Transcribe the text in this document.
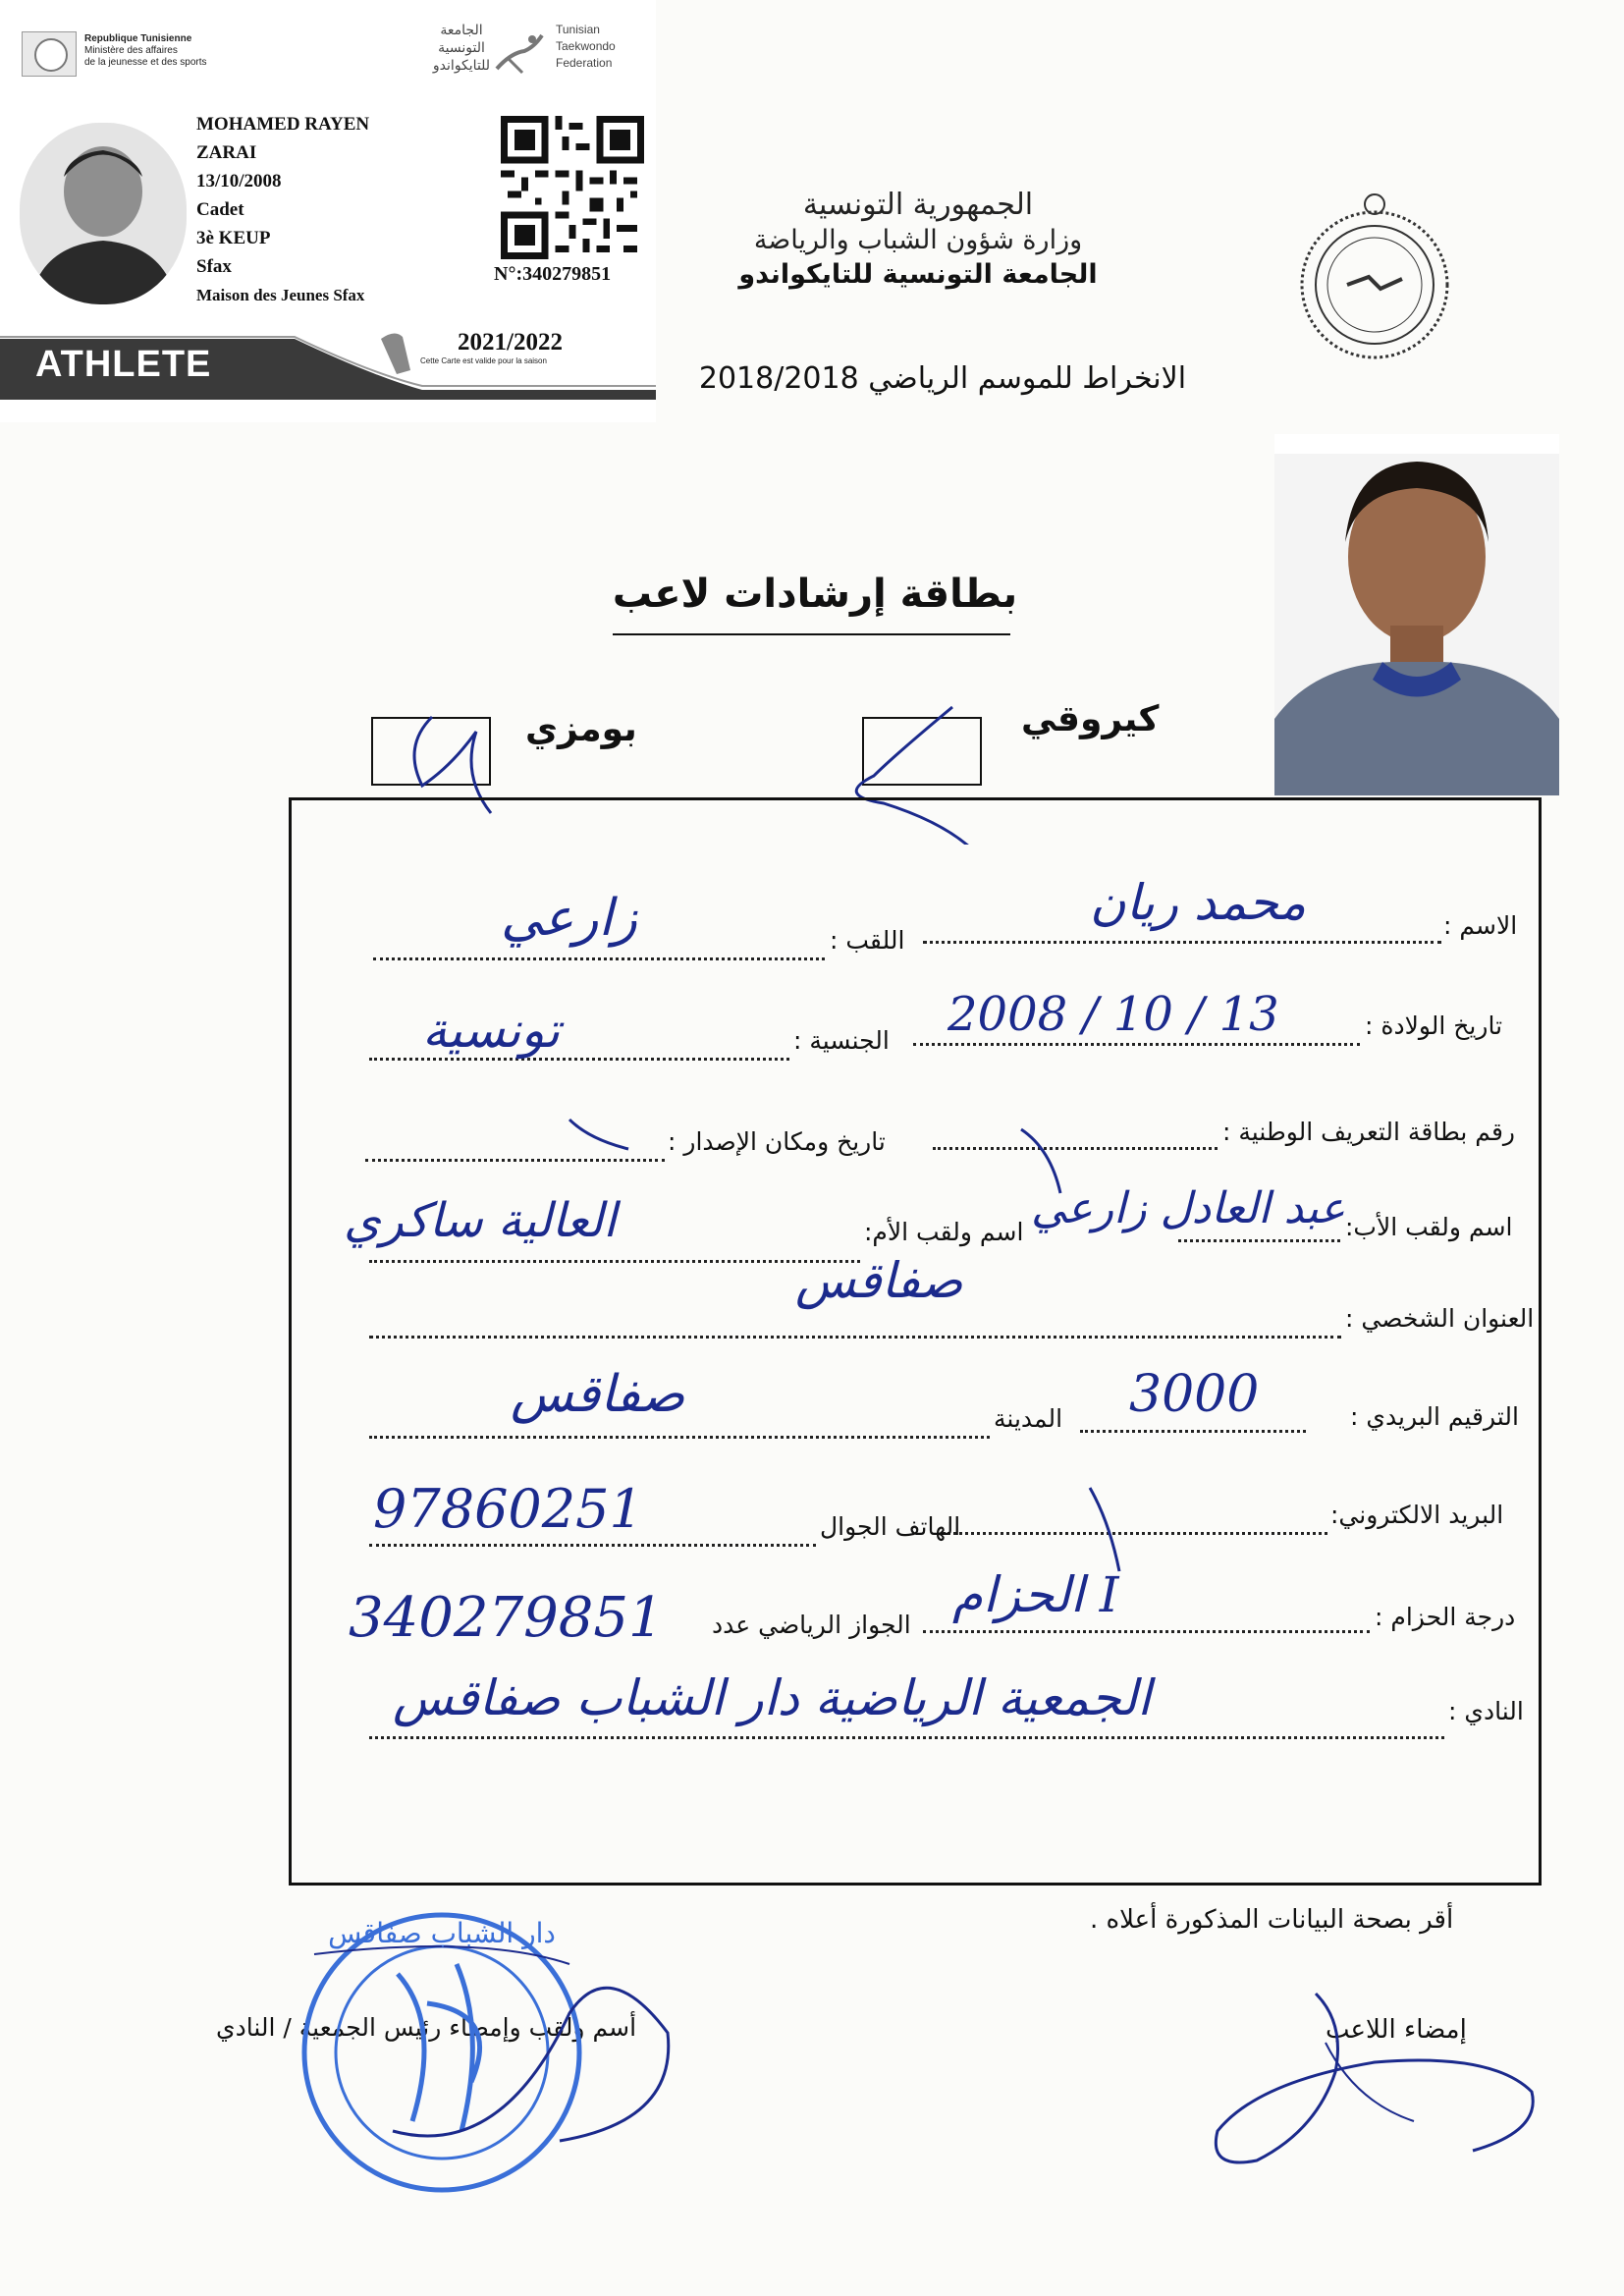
Republique Tunisienne
Ministère des affaires
de la jeunesse et des sports
الجامعة
التونسية
للتايكواندو
Tunisian
Taekwondo
Federation
MOHAMED RAYEN
ZARAI
13/10/2008
Cadet
3è KEUP
Sfax
Maison des Jeunes Sfax
N°:340279851
ATHLETE
2021/2022
Cette Carte est valide pour la saison
الجمهورية التونسية
وزارة شؤون الشباب والرياضة
الجامعة التونسية للتايكواندو
الانخراط للموسم الرياضي 2018/2018
بطاقة إرشادات لاعب
بومزي	كيروقي
الاسم :
محمد ريان
اللقب :
زارعي
تاريخ الولادة :
2008 / 10 / 13
الجنسية :
تونسية
رقم بطاقة التعريف الوطنية :
تاريخ ومكان الإصدار :
اسم ولقب الأب:
عبد العادل زارعي
اسم ولقب الأم:
العالية ساكري
العنوان الشخصي :
صفاقس
الترقيم البريدي :
3000
المدينة
صفاقس
البريد الالكتروني:
الهاتف الجوال
97860251
درجة الحزام :
الحزام I
الجواز الرياضي عدد
340279851
النادي :
الجمعية الرياضية دار الشباب صفاقس
أقر بصحة البيانات المذكورة أعلاه .
إمضاء اللاعب
أسم ولقب وإمضاء رئيس الجمعية / النادي
دار الشباب صفاقس
